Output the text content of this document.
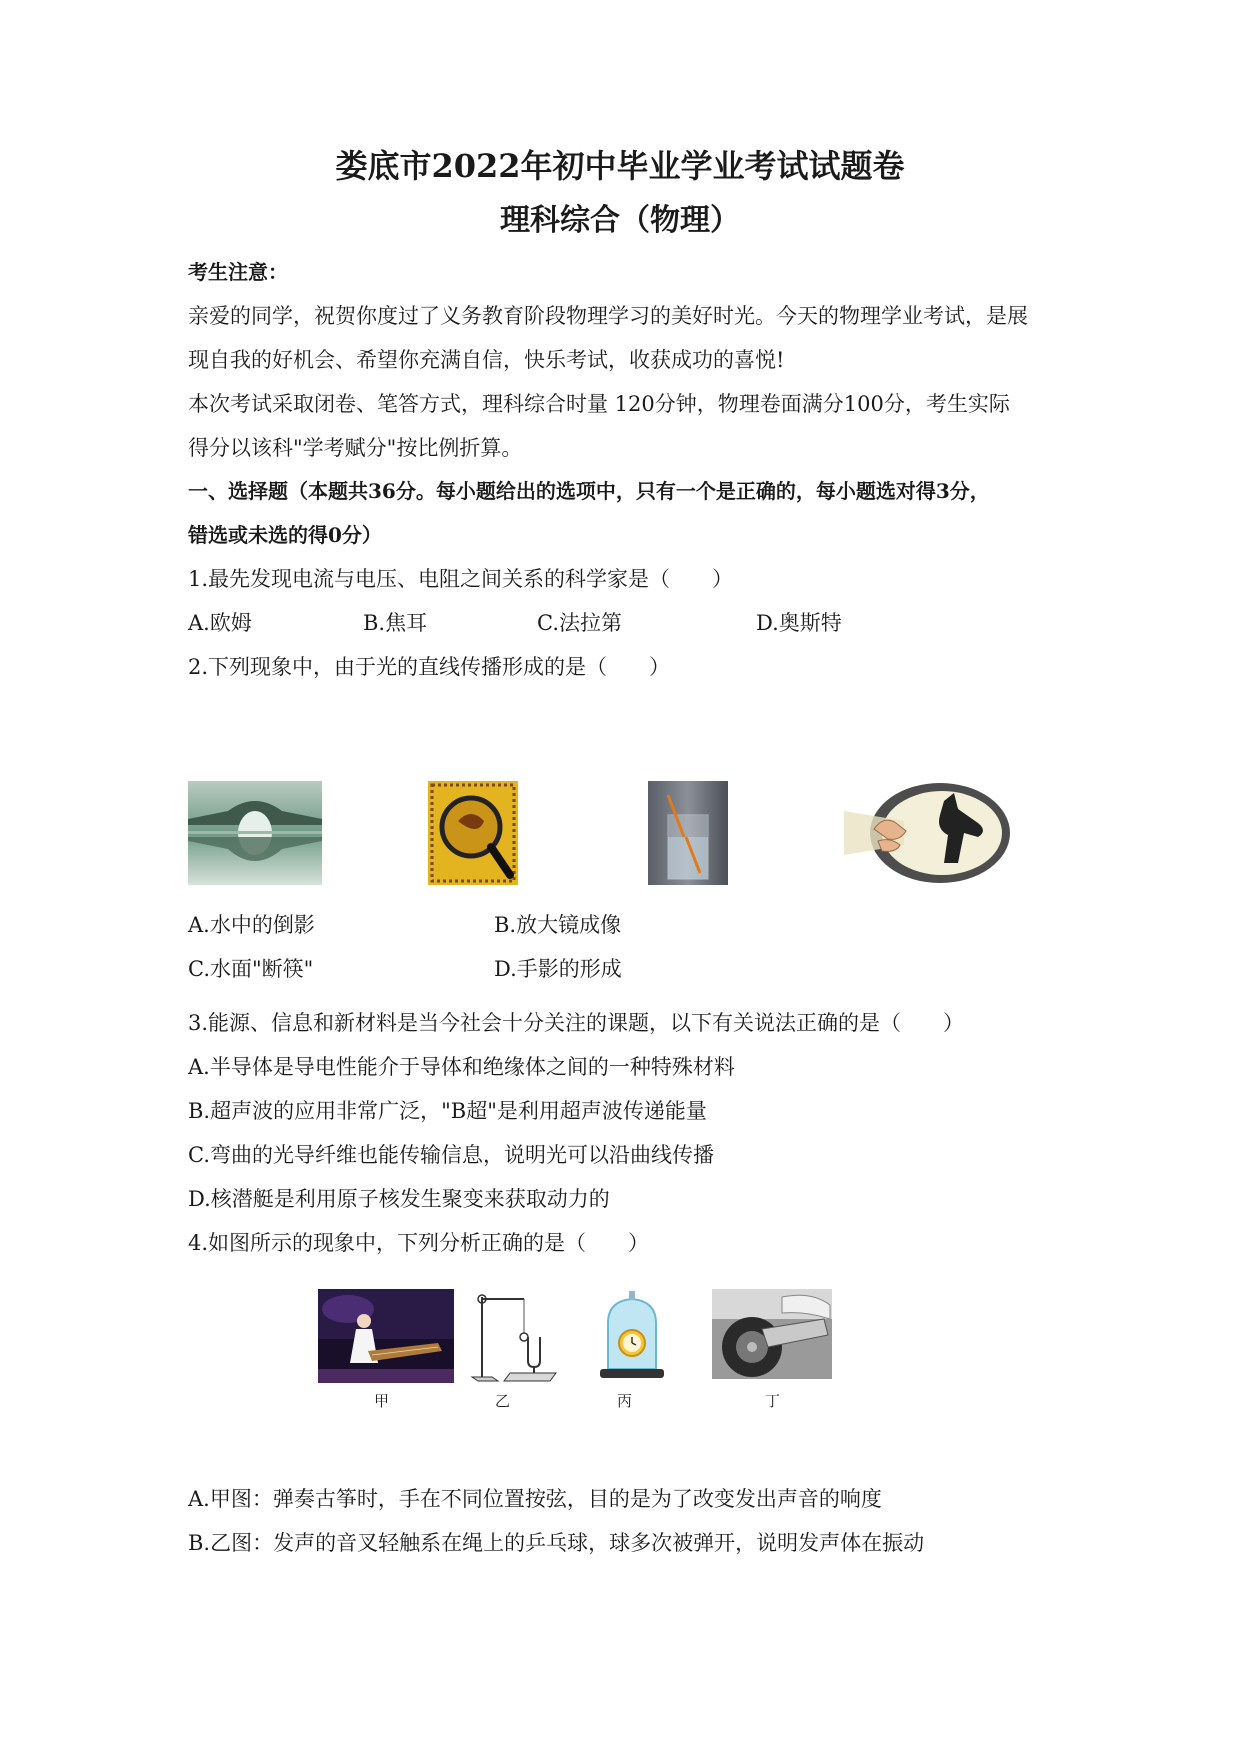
娄底市2022年初中毕业学业考试试题卷
理科综合（物理）
考生注意：
亲爱的同学，祝贺你度过了义务教育阶段物理学习的美好时光。今天的物理学业考试，是展
现自我的好机会、希望你充满自信，快乐考试，收获成功的喜悦!
本次考试采取闭卷、笔答方式，理科综合时量 120分钟，物理卷面满分100分，考生实际
得分以该科"学考赋分"按比例折算。
一、选择题（本题共36分。每小题给出的选项中，只有一个是正确的，每小题选对得3分，
错选或未选的得0分）
1.最先发现电流与电压、电阻之间关系的科学家是（　　）
A.欧姆	B.焦耳	C.法拉第	D.奥斯特
2.下列现象中，由于光的直线传播形成的是（　　）
A.水中的倒影	B.放大镜成像
C.水面"断筷"	D.手影的形成
3.能源、信息和新材料是当今社会十分关注的课题，以下有关说法正确的是（　　）
A.半导体是导电性能介于导体和绝缘体之间的一种特殊材料
B.超声波的应用非常广泛，"B超"是利用超声波传递能量
C.弯曲的光导纤维也能传输信息，说明光可以沿曲线传播
D.核潜艇是利用原子核发生聚变来获取动力的
4.如图所示的现象中，下列分析正确的是（　　）
甲	乙	丙	丁
A.甲图：弹奏古筝时，手在不同位置按弦，目的是为了改变发出声音的响度
B.乙图：发声的音叉轻触系在绳上的乒乓球，球多次被弹开，说明发声体在振动
